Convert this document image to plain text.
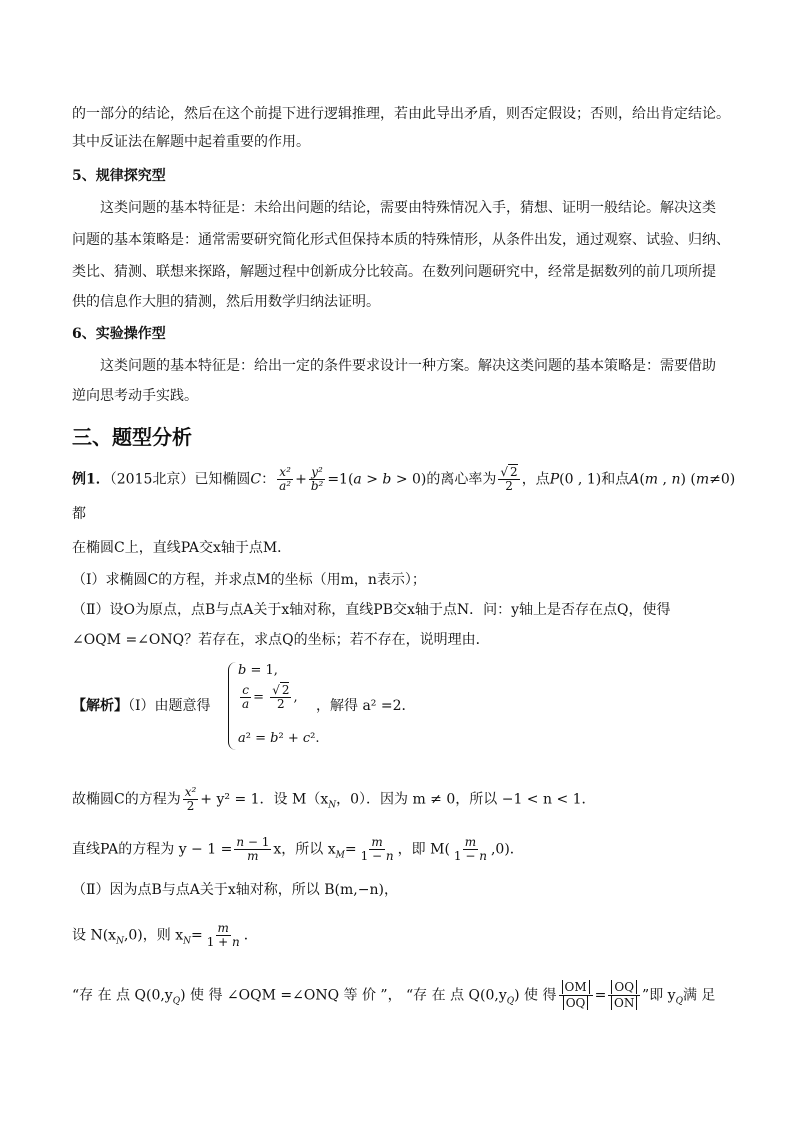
的一部分的结论，然后在这个前提下进行逻辑推理，若由此导出矛盾，则否定假设；否则，给出肯定结论。
其中反证法在解题中起着重要的作用。
5、规律探究型
这类问题的基本特征是：未给出问题的结论，需要由特殊情况入手，猜想、证明一般结论。解决这类
问题的基本策略是：通常需要研究简化形式但保持本质的特殊情形，从条件出发，通过观察、试验、归纳、
类比、猜测、联想来探路，解题过程中创新成分比较高。在数列问题研究中，经常是据数列的前几项所提
供的信息作大胆的猜测，然后用数学归纳法证明。
6、实验操作型
这类问题的基本特征是：给出一定的条件要求设计一种方案。解决这类问题的基本策略是：需要借助
逆向思考动手实践。
三、题型分析
例1．（2015北京）已知椭圆C： $\frac{\text{x²}}{\text{a²}} + \frac{\text{y²}}{\text{b²}} =1(a > b > 0)$的离心率为 $\frac{√ 2}{2}$ ，点P(0 , 1)和点A(m , n) (m≠0)
都
在椭圆C上，直线PA交x轴于点M．
（Ⅰ）求椭圆C的方程，并求点M的坐标（用m，n表示）；
（Ⅱ）设O为原点，点B与点A关于x轴对称，直线PB交x轴于点N．问：y轴上是否存在点Q，使得
∠OQM =∠ONQ？若存在，求点Q的坐标；若不存在，说明理由．
【解析】（Ⅰ）由题意得
b = 1,
$\frac{c}{a} = \frac{√ 2}{2}$ ,
a² = b² + c².
，解得 a² =2．
故椭圆C的方程为 $\frac{\text{x²}}{2} + y^2 = 1$．设 $M(x_N$，0）．因为 m ≠ 0，所以 −1 < n < 1．
直线PA的方程为 $y - 1 = \frac{n - 1}{m}$ x，所以 $x_M= \frac{m}{1 - n}$ ，即 $M( \frac{m}{1 - n} ,0)$．
（Ⅱ）因为点B与点A关于x轴对称，所以 B(m,−n)，
设 $N(x_N,0)$，则 $x_N= \frac{m}{1 + n}$ ．
“存 在 点 $Q(0,y_Q)$ 使 得 ∠OQM =∠ONQ 等 价 ”， “存 在 点 $Q(0,y_Q)$ 使 得 $\frac{OM}{OQ} = \frac{OQ}{ON}$ ”即 $y_Q$满 足
